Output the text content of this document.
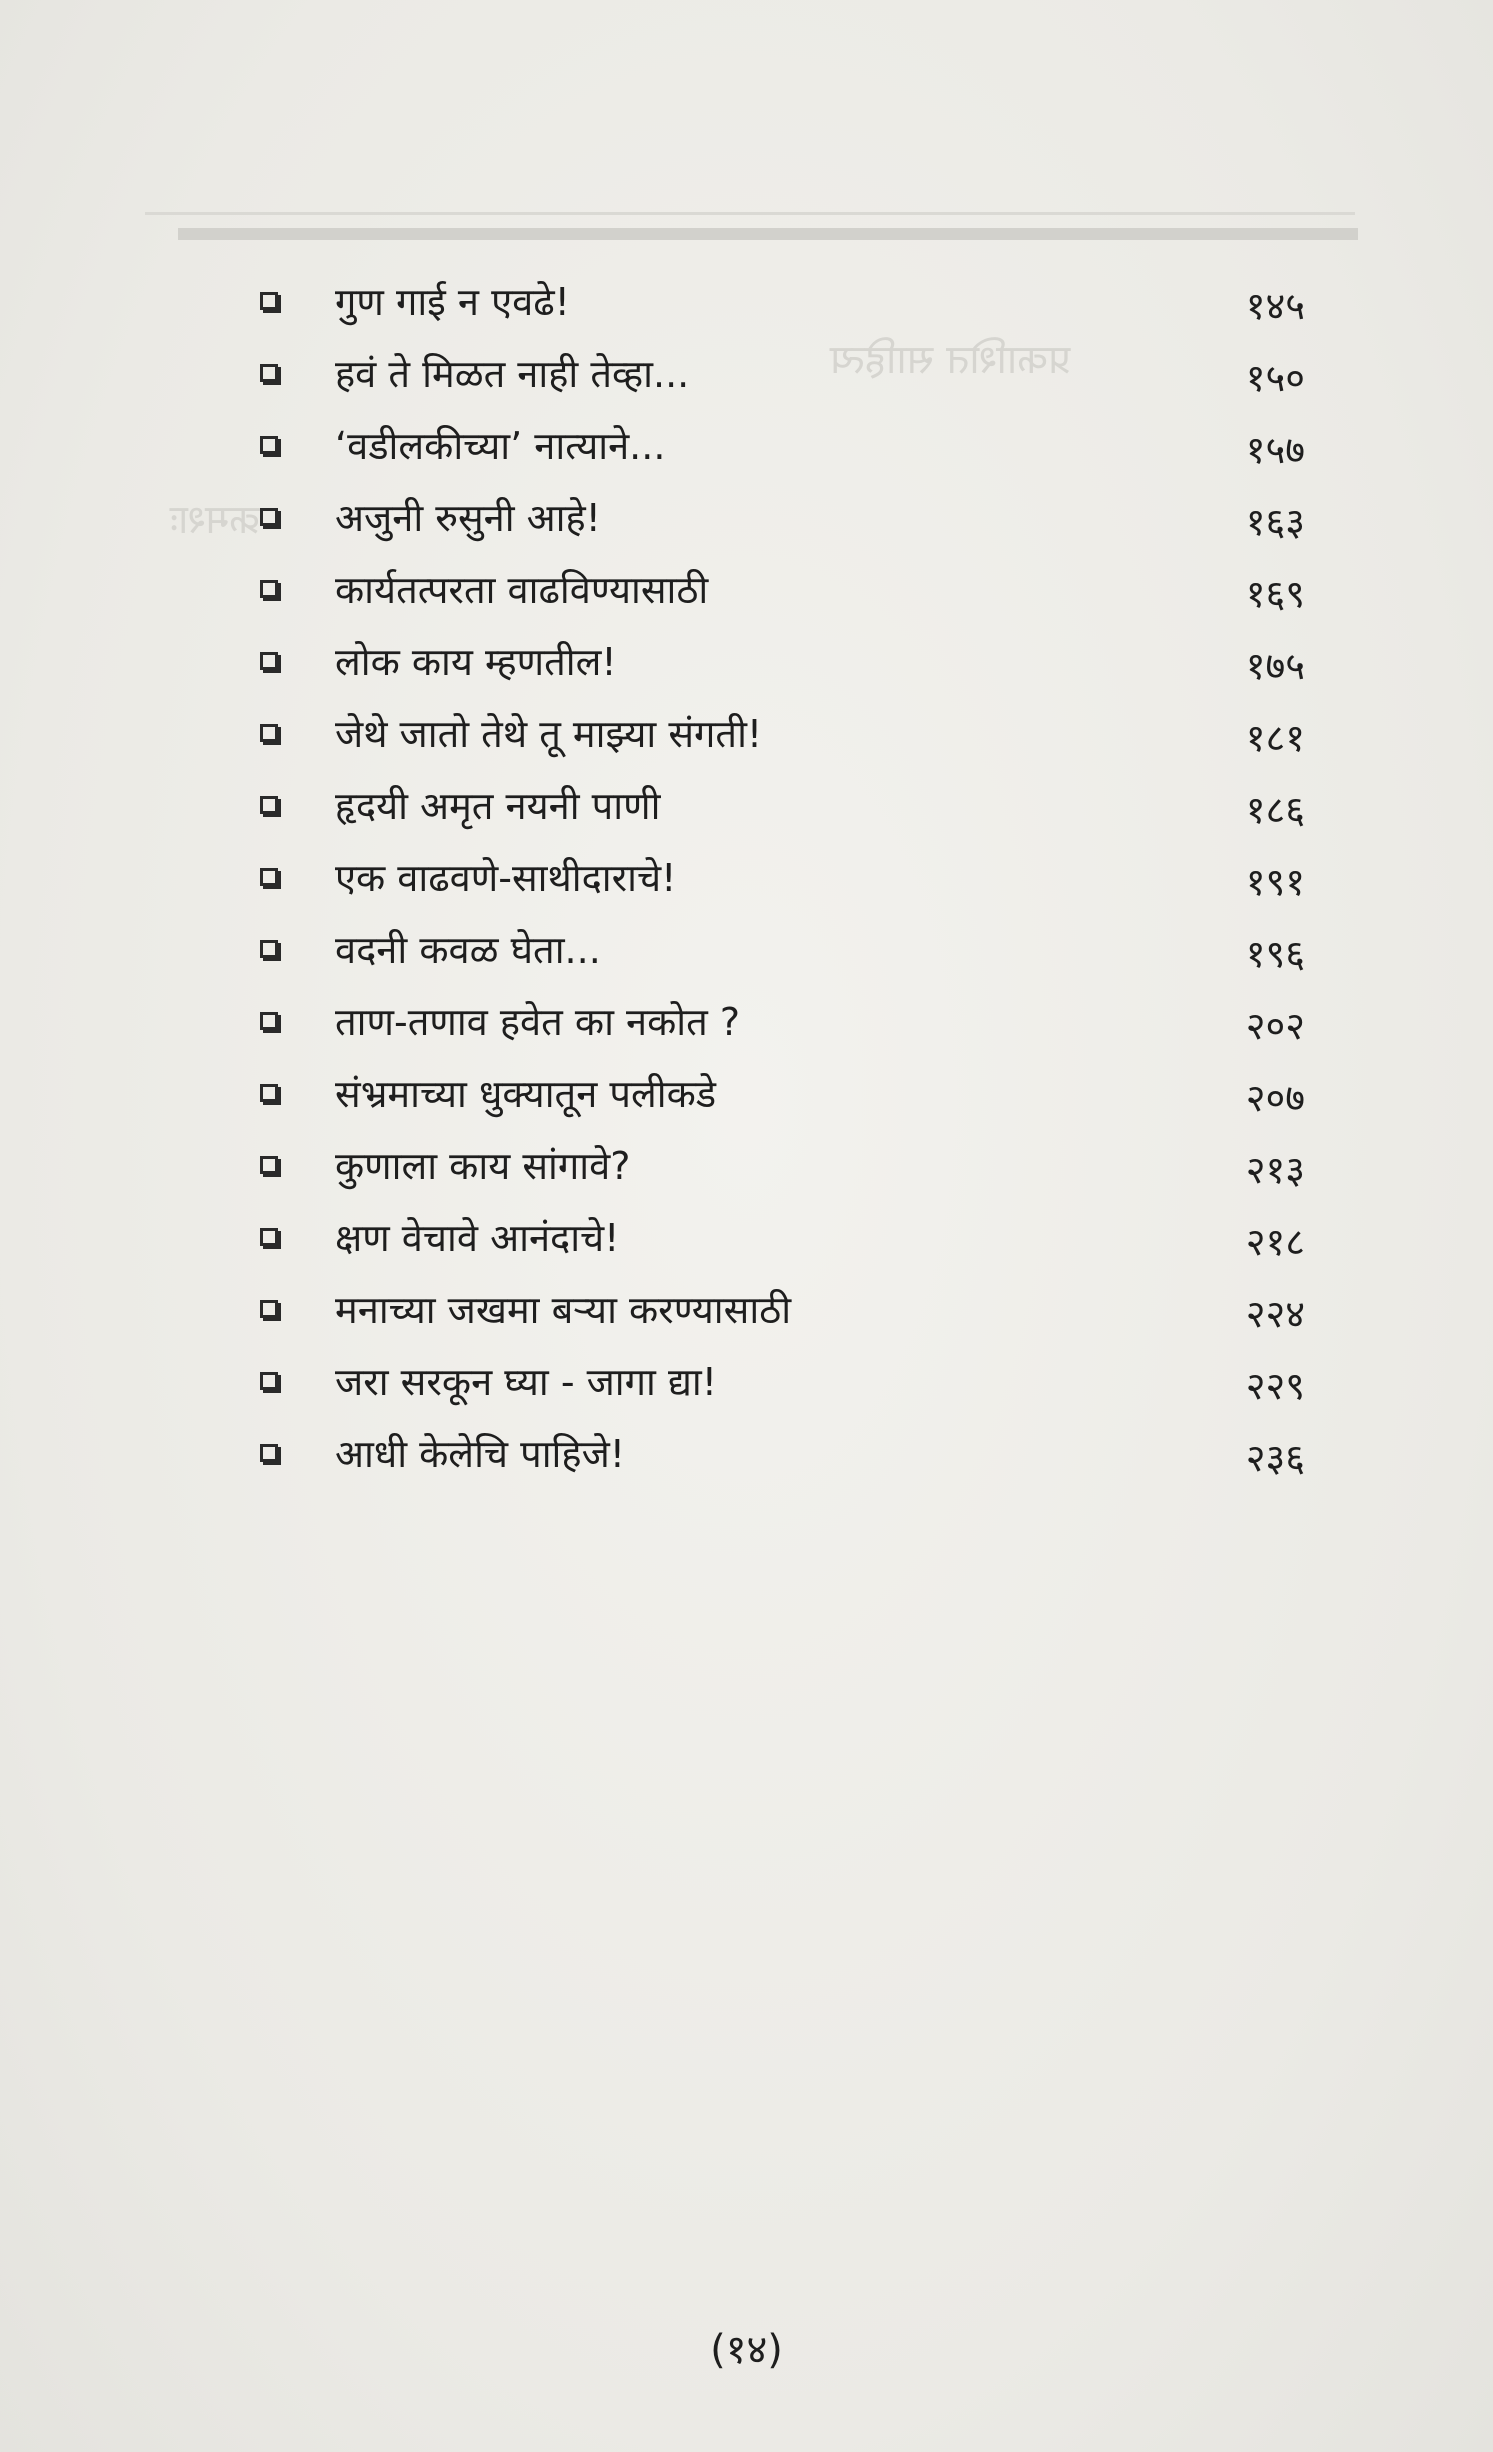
प्रकाशित साहित्य
क्रमशः
गुण गाई न एवढे!	१४५
हवं ते मिळत नाही तेव्हा...	१५०
‘वडीलकीच्या’ नात्याने...	१५७
अजुनी रुसुनी आहे!	१६३
कार्यतत्परता वाढविण्यासाठी	१६९
लोक काय म्हणतील!	१७५
जेथे जातो तेथे तू माझ्या संगती!	१८१
हृदयी अमृत नयनी पाणी	१८६
एक वाढवणे-साथीदाराचे!	१९१
वदनी कवळ घेता...	१९६
ताण-तणाव हवेत का नकोत ?	२०२
संभ्रमाच्या धुक्यातून पलीकडे	२०७
कुणाला काय सांगावे?	२१३
क्षण वेचावे आनंदाचे!	२१८
मनाच्या जखमा बऱ्या करण्यासाठी	२२४
जरा सरकून घ्या - जागा द्या!	२२९
आधी केलेचि पाहिजे!	२३६
(१४)
